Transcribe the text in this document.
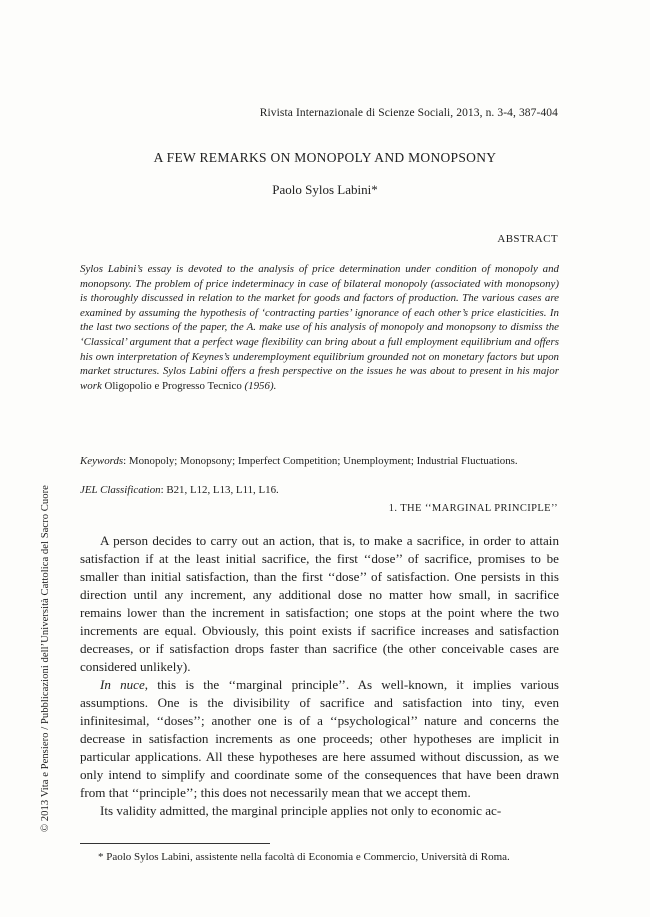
Rivista Internazionale di Scienze Sociali, 2013, n. 3-4, 387-404
A FEW REMARKS ON MONOPOLY AND MONOPSONY
Paolo Sylos Labini*
ABSTRACT
Sylos Labini’s essay is devoted to the analysis of price determination under condition of monopoly and monopsony. The problem of price indeterminacy in case of bilateral monopoly (associated with monopsony) is thoroughly discussed in relation to the market for goods and factors of production. The various cases are examined by assuming the hypothesis of ‘contracting parties’ ignorance of each other’s price elasticities. In the last two sections of the paper, the A. make use of his analysis of monopoly and monopsony to dismiss the ‘Classical’ argument that a perfect wage flexibility can bring about a full employment equilibrium and offers his own interpretation of Keynes’s underemployment equilibrium grounded not on monetary factors but upon market structures. Sylos Labini offers a fresh perspective on the issues he was about to present in his major work Oligopolio e Progresso Tecnico (1956).
Keywords: Monopoly; Monopsony; Imperfect Competition; Unemployment; Industrial Fluctuations.
JEL Classification: B21, L12, L13, L11, L16.
1. THE ‘‘MARGINAL PRINCIPLE’’

A person decides to carry out an action, that is, to make a sacrifice, in order to attain satisfaction if at the least initial sacrifice, the first ‘‘dose’’ of sacrifice, promises to be smaller than initial satisfaction, than the first ‘‘dose’’ of satisfaction. One persists in this direction until any increment, any additional dose no matter how small, in sacrifice remains lower than the increment in satisfaction; one stops at the point where the two increments are equal. Obviously, this point exists if sacrifice increases and satisfaction decreases, or if satisfaction drops faster than sacrifice (the other conceivable cases are considered unlikely).

In nuce, this is the ‘‘marginal principle’’. As well-known, it implies various assumptions. One is the divisibility of sacrifice and satisfaction into tiny, even infinitesimal, ‘‘doses’’; another one is of a ‘‘psychological’’ nature and concerns the decrease in satisfaction increments as one proceeds; other hypotheses are implicit in particular applications. All these hypotheses are here assumed without discussion, as we only intend to simplify and coordinate some of the consequences that have been drawn from that ‘‘principle’’; this does not necessarily mean that we accept them.

Its validity admitted, the marginal principle applies not only to economic ac-

* Paolo Sylos Labini, assistente nella facoltà di Economia e Commercio, Università di Roma.
© 2013 Vita e Pensiero / Pubblicazioni dell’Università Cattolica del Sacro Cuore
